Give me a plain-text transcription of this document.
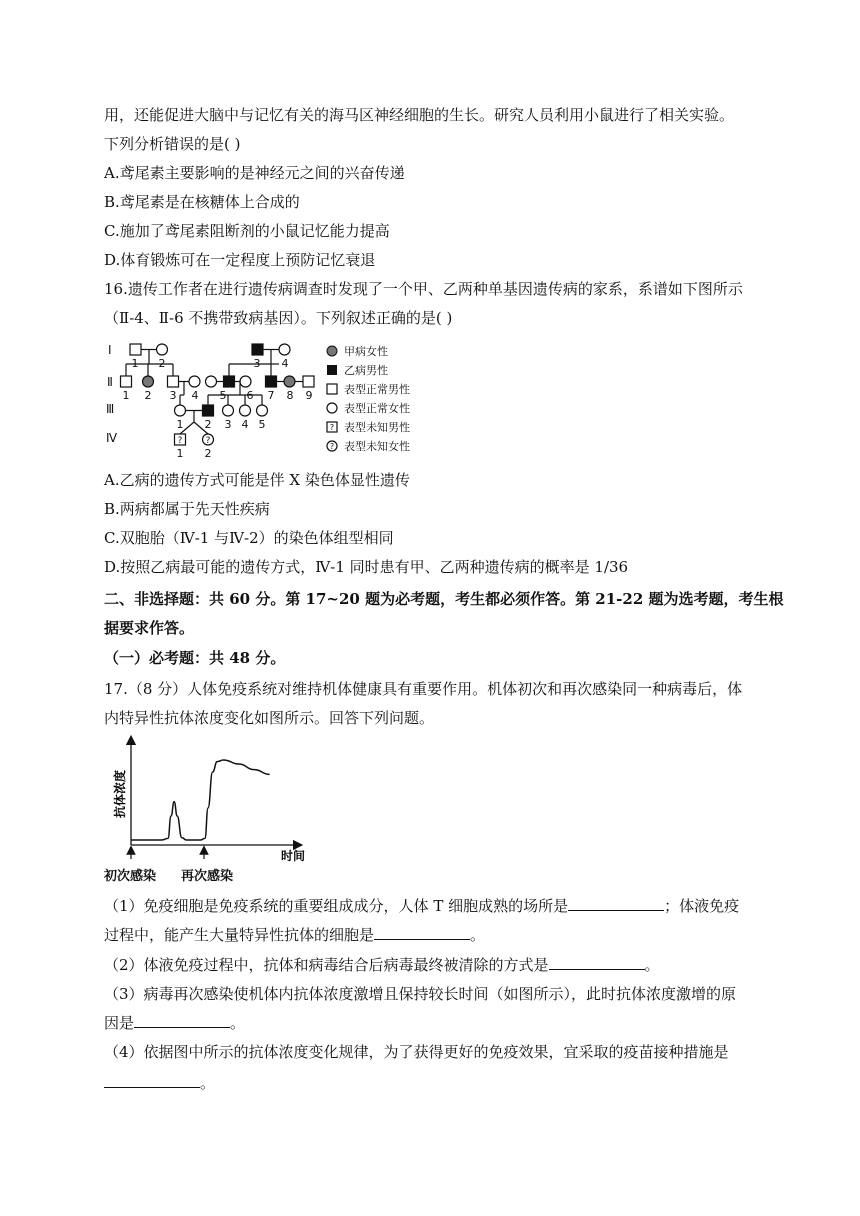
用，还能促进大脑中与记忆有关的海马区神经细胞的生长。研究人员利用小鼠进行了相关实验。
下列分析错误的是( )
A.鸢尾素主要影响的是神经元之间的兴奋传递
B.鸢尾素是在核糖体上合成的
C.施加了鸢尾素阻断剂的小鼠记忆能力提高
D.体育锻炼可在一定程度上预防记忆衰退
16.遗传工作者在进行遗传病调查时发现了一个甲、乙两种单基因遗传病的家系，系谱如下图所示
（Ⅱ-4、Ⅱ-6 不携带致病基因）。下列叙述正确的是( )
Ⅰ
Ⅱ
Ⅲ
Ⅳ	?	?
1 2	3 4
1 2 3 4 5 6 7 8 9
1 2 3 4 5
1 2
?
?
甲病女性
乙病男性
表型正常男性
表型正常女性
表型未知男性
表型未知女性
A.乙病的遗传方式可能是伴 X 染色体显性遗传
B.两病都属于先天性疾病
C.双胞胎（Ⅳ-1 与Ⅳ-2）的染色体组型相同
D.按照乙病最可能的遗传方式，Ⅳ-1 同时患有甲、乙两种遗传病的概率是 1/36
二、非选择题：共 60 分。第 17~20 题为必考题，考生都必须作答。第 21-22 题为选考题，考生根
据要求作答。
（一）必考题：共 48 分。
17.（8 分）人体免疫系统对维持机体健康具有重要作用。机体初次和再次感染同一种病毒后，体
内特异性抗体浓度变化如图所示。回答下列问题。
抗体浓度
时间
初次感染 再次感染
（1）免疫细胞是免疫系统的重要组成成分，人体 T 细胞成熟的场所是	；体液免疫
过程中，能产生大量特异性抗体的细胞是	。
（2）体液免疫过程中，抗体和病毒结合后病毒最终被清除的方式是	。
（3）病毒再次感染使机体内抗体浓度激增且保持较长时间（如图所示），此时抗体浓度激增的原
因是	。
（4）依据图中所示的抗体浓度变化规律，为了获得更好的免疫效果，宜采取的疫苗接种措施是
。
